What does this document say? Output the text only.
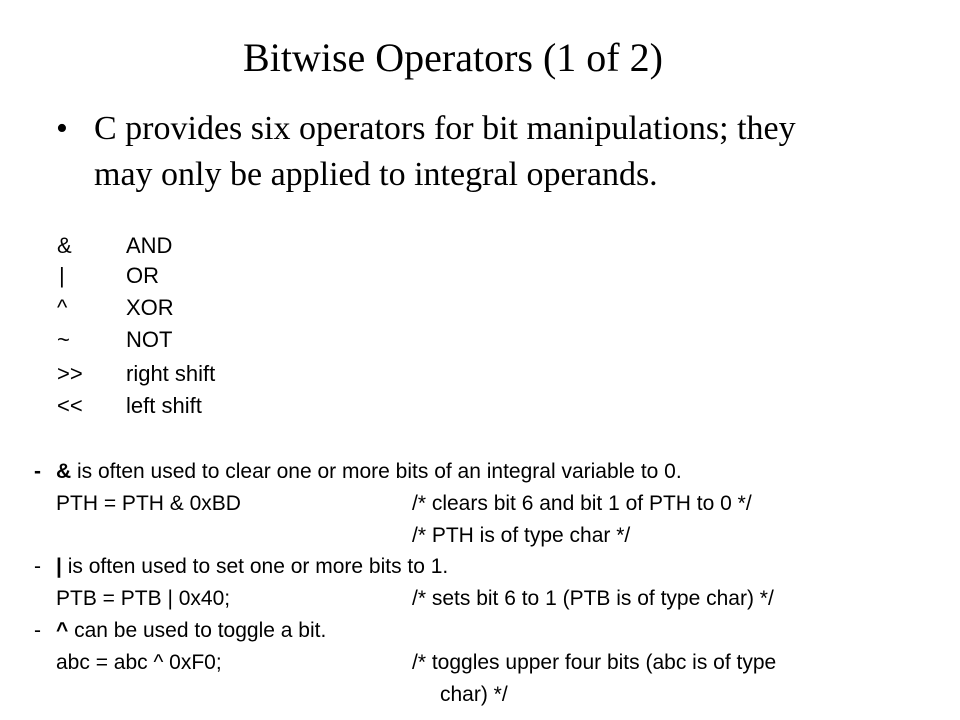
Bitwise Operators (1 of 2)
• C provides six operators for bit manipulations; they
may only be applied to integral operands.
& AND
|	OR
^	XOR
~	NOT
>> right shift
<< left shift
- & is often used to clear one or more bits of an integral variable to 0.
PTH = PTH & 0xBD	/* clears bit 6 and bit 1 of PTH to 0 */
/* PTH is of type char */
- | is often used to set one or more bits to 1.
PTB = PTB | 0x40;	/* sets bit 6 to 1 (PTB is of type char) */
- ^ can be used to toggle a bit.
abc = abc ^ 0xF0;	/* toggles upper four bits (abc is of type
char) */
